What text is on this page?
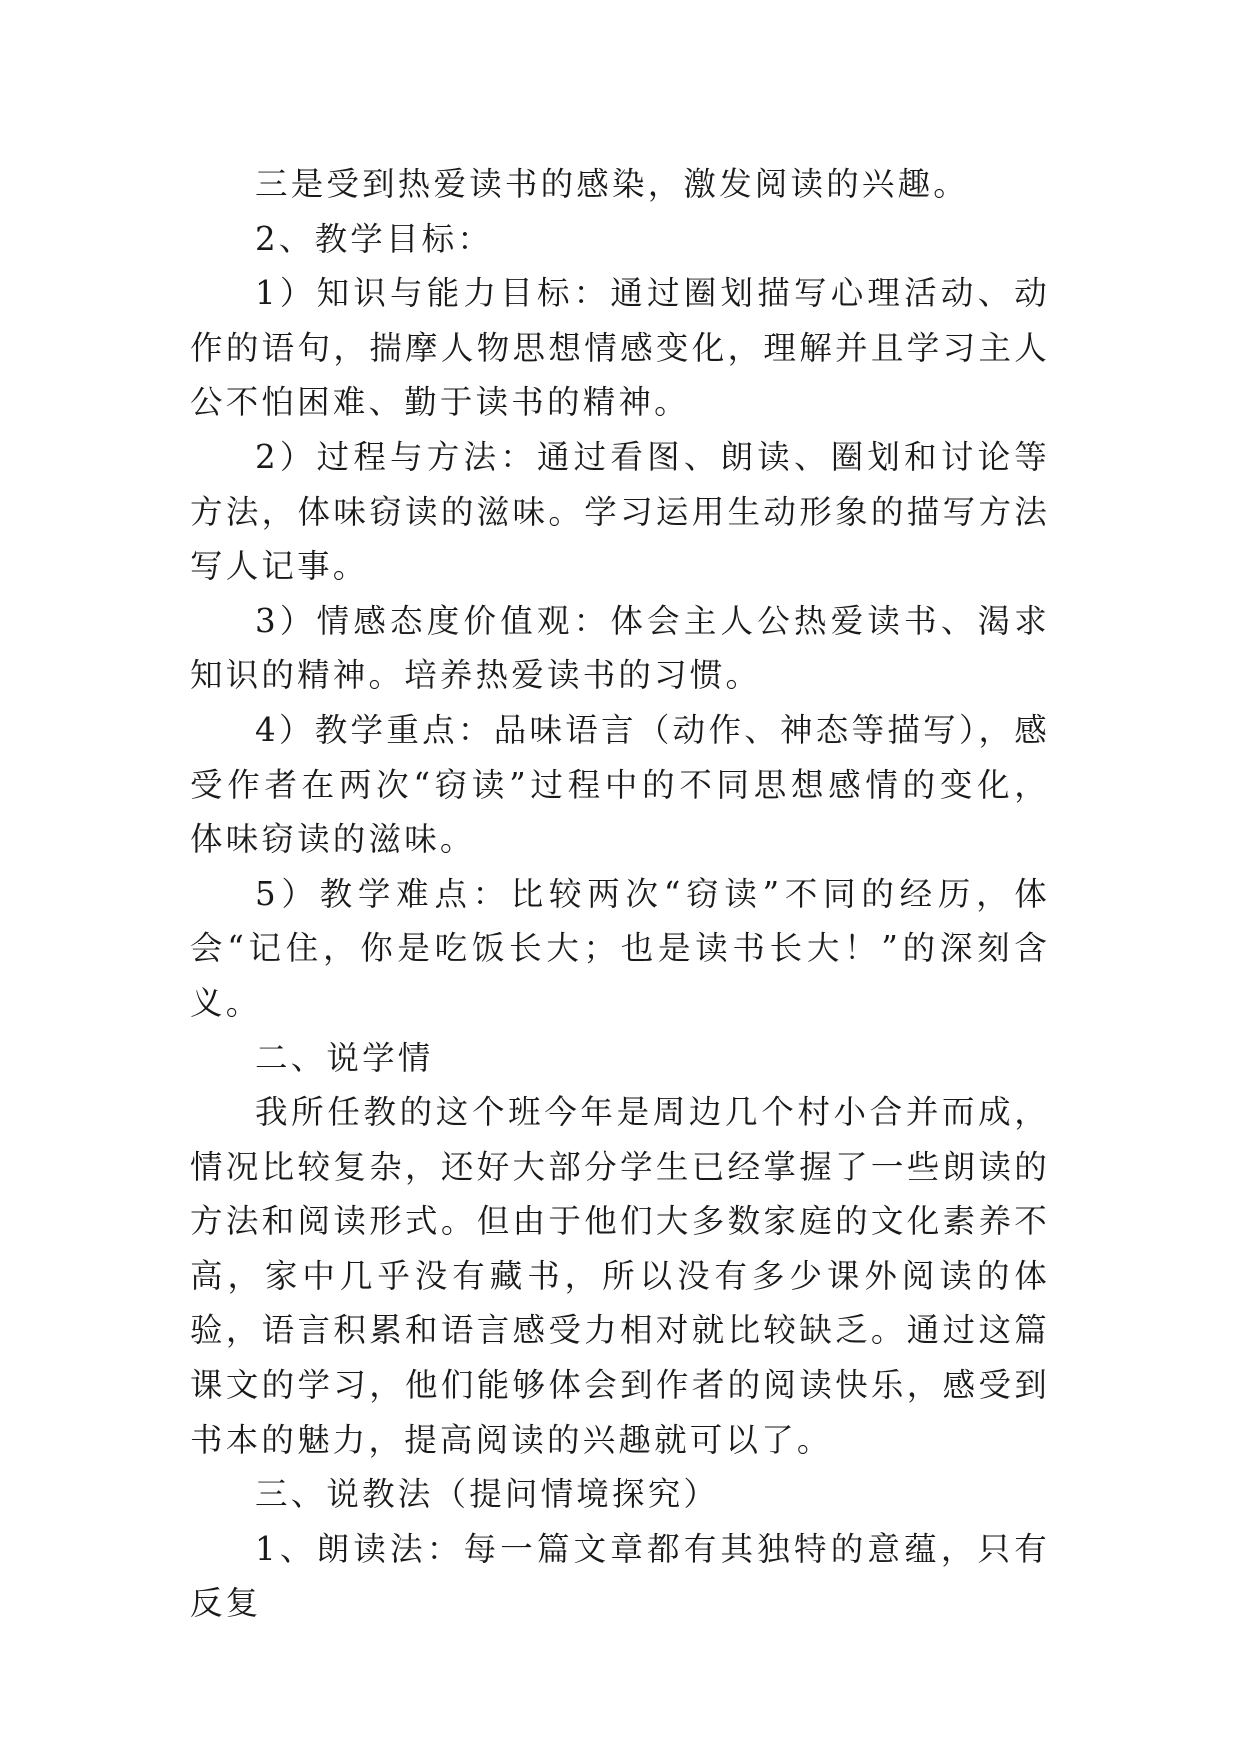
三是受到热爱读书的感染，激发阅读的兴趣。

2、教学目标：

1）知识与能力目标：通过圈划描写心理活动、动作的语句，揣摩人物思想情感变化，理解并且学习主人公不怕困难、勤于读书的精神。

2）过程与方法：通过看图、朗读、圈划和讨论等方法，体味窃读的滋味。学习运用生动形象的描写方法写人记事。

3）情感态度价值观：体会主人公热爱读书、渴求知识的精神。培养热爱读书的习惯。

4）教学重点：品味语言（动作、神态等描写），感受作者在两次“窃读”过程中的不同思想感情的变化，体味窃读的滋味。

5）教学难点：比较两次“窃读”不同的经历，体会“记住，你是吃饭长大；也是读书长大！”的深刻含义。

二、说学情

我所任教的这个班今年是周边几个村小合并而成，情况比较复杂，还好大部分学生已经掌握了一些朗读的方法和阅读形式。但由于他们大多数家庭的文化素养不高，家中几乎没有藏书，所以没有多少课外阅读的体验，语言积累和语言感受力相对就比较缺乏。通过这篇课文的学习，他们能够体会到作者的阅读快乐，感受到书本的魅力，提高阅读的兴趣就可以了。

三、说教法（提问情境探究）

1、朗读法：每一篇文章都有其独特的意蕴，只有反复
